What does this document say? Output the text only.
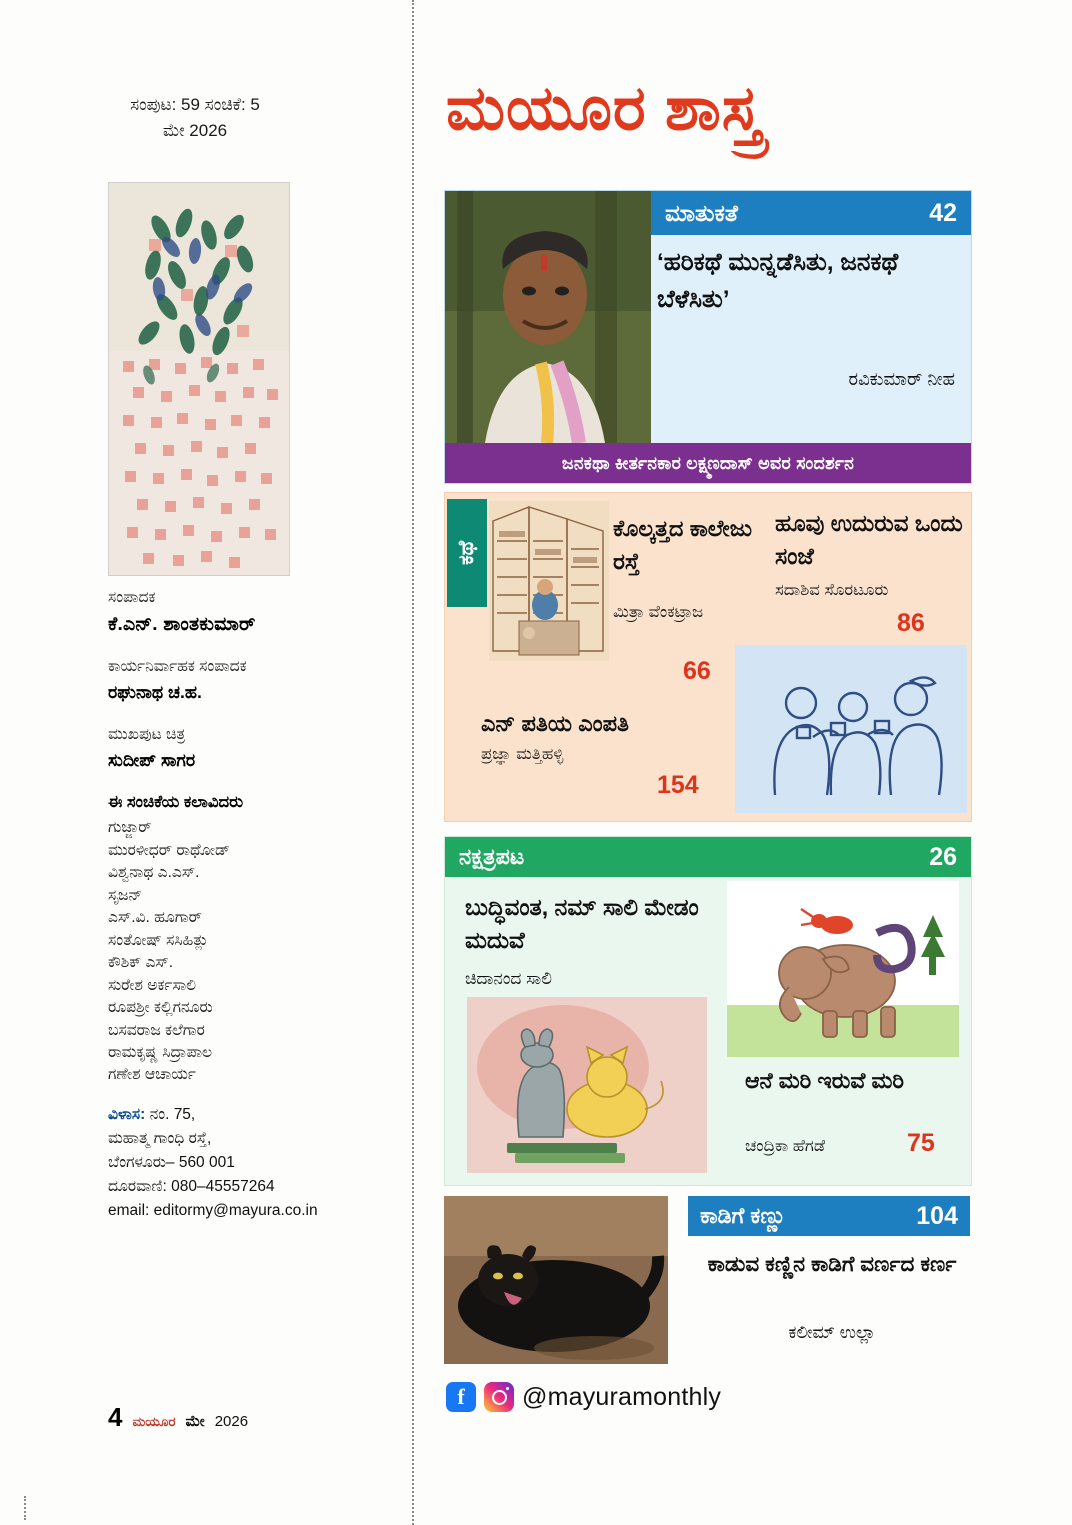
ಸಂಪುಟ: 59 ಸಂಚಿಕೆ: 5
ಮೇ 2026
ಸಂಪಾದಕ
ಕೆ.ಎನ್. ಶಾಂತಕುಮಾರ್
ಕಾರ್ಯನಿರ್ವಾಹಕ ಸಂಪಾದಕ
ರಘುನಾಥ ಚ.ಹ.
ಮುಖಪುಟ ಚಿತ್ರ
ಸುದೀಪ್ ಸಾಗರ
ಈ ಸಂಚಿಕೆಯ ಕಲಾವಿದರು
ಗುಜ್ಜಾರ್
ಮುರಳೀಧರ್ ರಾಥೋಡ್
ವಿಶ್ವನಾಥ ಎ.ಎಸ್.
ಸೃಜನ್
ಎಸ್.ವಿ. ಹೂಗಾರ್
ಸಂತೋಷ್ ಸಸಿಹಿತ್ಲು
ಕೌಶಿಕ್ ಎಸ್.
ಸುರೇಶ ಅರ್ಕಸಾಲಿ
ರೂಪಶ್ರೀ ಕಲ್ಲಿಗನೂರು
ಬಸವರಾಜ ಕಲೆಗಾರ
ರಾಮಕೃಷ್ಣ ಸಿದ್ರಾಪಾಲ
ಗಣೇಶ ಆಚಾರ್ಯ
ವಿಳಾಸ: ನಂ. 75,
ಮಹಾತ್ಮ ಗಾಂಧಿ ರಸ್ತೆ,
ಬೆಂಗಳೂರು– 560 001
ದೂರವಾಣಿ: 080–45557264
email: editormy@mayura.co.in
4 ಮಯೂರ ಮೇ 2026
ಮಯೂರ ಶಾಸ್ತ್ರ
ಮಾತುಕತೆ	42
‘ಹರಿಕಥೆ ಮುನ್ನಡೆಸಿತು, ಜನಕಥೆ ಬೆಳೆಸಿತು’
ರವಿಕುಮಾರ್ ನೀಹ
ಜನಕಥಾ ಕೀರ್ತನಕಾರ ಲಕ್ಷ್ಮಣದಾಸ್ ಅವರ ಸಂದರ್ಶನ
ಕಥೆ
ಕೊಲ್ಕತ್ತದ ಕಾಲೇಜು ರಸ್ತೆ
ಮಿತ್ರಾ ವೆಂಕಟ್ರಾಜ
66
ಹೂವು ಉದುರುವ ಒಂದು ಸಂಜೆ
ಸದಾಶಿವ ಸೊರಟೂರು
86
ಎನ್ ಪತಿಯ ಎಂಪತಿ
ಪ್ರಜ್ಞಾ ಮತ್ತಿಹಳ್ಳಿ
154
ನಕ್ಷತ್ರಪಟ	26
ಬುದ್ಧಿವಂತ, ನಮ್ ಸಾಲಿ ಮೇಡಂ ಮದುವೆ
ಚಿದಾನಂದ ಸಾಲಿ
ಆನೆ ಮರಿ ಇರುವೆ ಮರಿ
ಚಂದ್ರಿಕಾ ಹೆಗಡೆ	75
ಕಾಡಿಗೆ ಕಣ್ಣು	104
ಕಾಡುವ ಕಣ್ಣಿನ ಕಾಡಿಗೆ ವರ್ಣದ ಕರ್ಣ
ಕಲೀಮ್ ಉಲ್ಲಾ
f	@mayuramonthly
